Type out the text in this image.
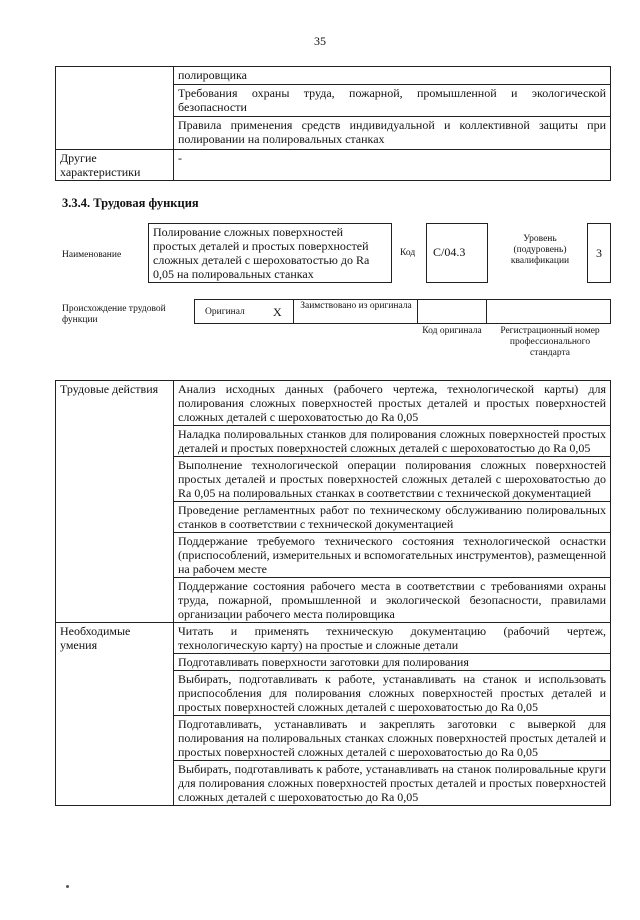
35
	полировщика
	Требования охраны труда, пожарной, промышленной и экологической безопасности
	Правила применения средств индивидуальной и коллективной защиты при полировании на полировальных станках
Другие характеристики	-
3.3.4. Трудовая функция
Наименование
Полирование сложных поверхностей простых деталей и простых поверхностей сложных деталей с шероховатостью до Ra 0,05 на полировальных станках
Код	С/04.3
Уровень (подуровень) квалификации
3
Происхождение трудовой функции
Оригинал X Заимствовано из оригинала
Код оригинала	Регистрационный номер профессионального стандарта
Трудовые действия	Анализ исходных данных (рабочего чертежа, технологической карты) для полирования сложных поверхностей простых деталей и простых поверхностей сложных деталей с шероховатостью до Ra 0,05
	Наладка полировальных станков для полирования сложных поверхностей простых деталей и простых поверхностей сложных деталей с шероховатостью до Ra 0,05
	Выполнение технологической операции полирования сложных поверхностей простых деталей и простых поверхностей сложных деталей с шероховатостью до Ra 0,05 на полировальных станках в соответствии с технической документацией
	Проведение регламентных работ по техническому обслуживанию полировальных станков в соответствии с технической документацией
	Поддержание требуемого технического состояния технологической оснастки (приспособлений, измерительных и вспомогательных инструментов), размещенной на рабочем месте
	Поддержание состояния рабочего места в соответствии с требованиями охраны труда, пожарной, промышленной и экологической безопасности, правилами организации рабочего места полировщика
Необходимые умения	Читать и применять техническую документацию (рабочий чертеж, технологическую карту) на простые и сложные детали
	Подготавливать поверхности заготовки для полирования
	Выбирать, подготавливать к работе, устанавливать на станок и использовать приспособления для полирования сложных поверхностей простых деталей и простых поверхностей сложных деталей с шероховатостью до Ra 0,05
	Подготавливать, устанавливать и закреплять заготовки с выверкой для полирования на полировальных станках сложных поверхностей простых деталей и простых поверхностей сложных деталей с шероховатостью до Ra 0,05
	Выбирать, подготавливать к работе, устанавливать на станок полировальные круги для полирования сложных поверхностей простых деталей и простых поверхностей сложных деталей с шероховатостью до Ra 0,05
